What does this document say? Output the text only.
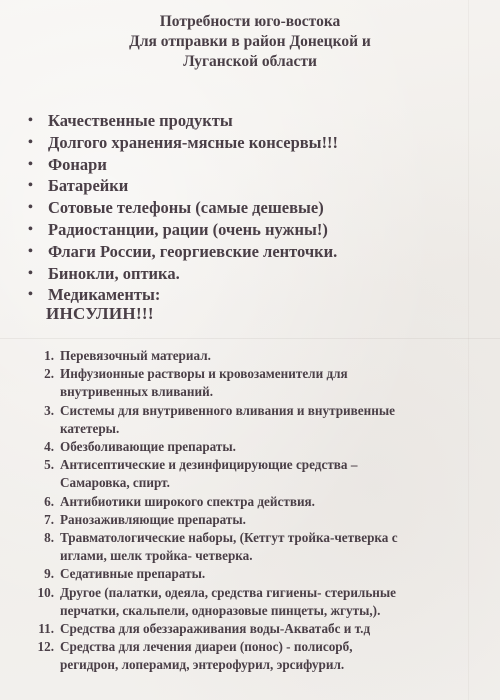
Потребности юго-востока
Для отправки в район Донецкой и
Луганской области
• Качественные продукты
• Долгого хранения-мясные консервы!!!
• Фонари
• Батарейки
• Сотовые телефоны (самые дешевые)
• Радиостанции, рации (очень нужны!)
• Флаги России, георгиевские ленточки.
• Бинокли, оптика.
• Медикаменты:
ИНСУЛИН!!!
1. Перевязочный материал.
2. Инфузионные растворы и кровозаменители для
внутривенных вливаний.
3. Системы для внутривенного вливания и внутривенные
катетеры.
4. Обезболивающие препараты.
5. Антисептические и дезинфицирующие средства –
Самаровка, спирт.
6. Антибиотики широкого спектра действия.
7. Ранозаживляющие препараты.
8. Травматологические наборы, (Кетгут тройка-четверка с
иглами, шелк тройка- четверка.
9. Седативные препараты.
10. Другое (палатки, одеяла, средства гигиены- стерильные
перчатки, скальпели, одноразовые пинцеты, жгуты,).
11. Средства для обеззараживания воды-Акватабс и т.д
12. Средства для лечения диареи (понос) - полисорб,
регидрон, лоперамид, энтерофурил, эрсифурил.
